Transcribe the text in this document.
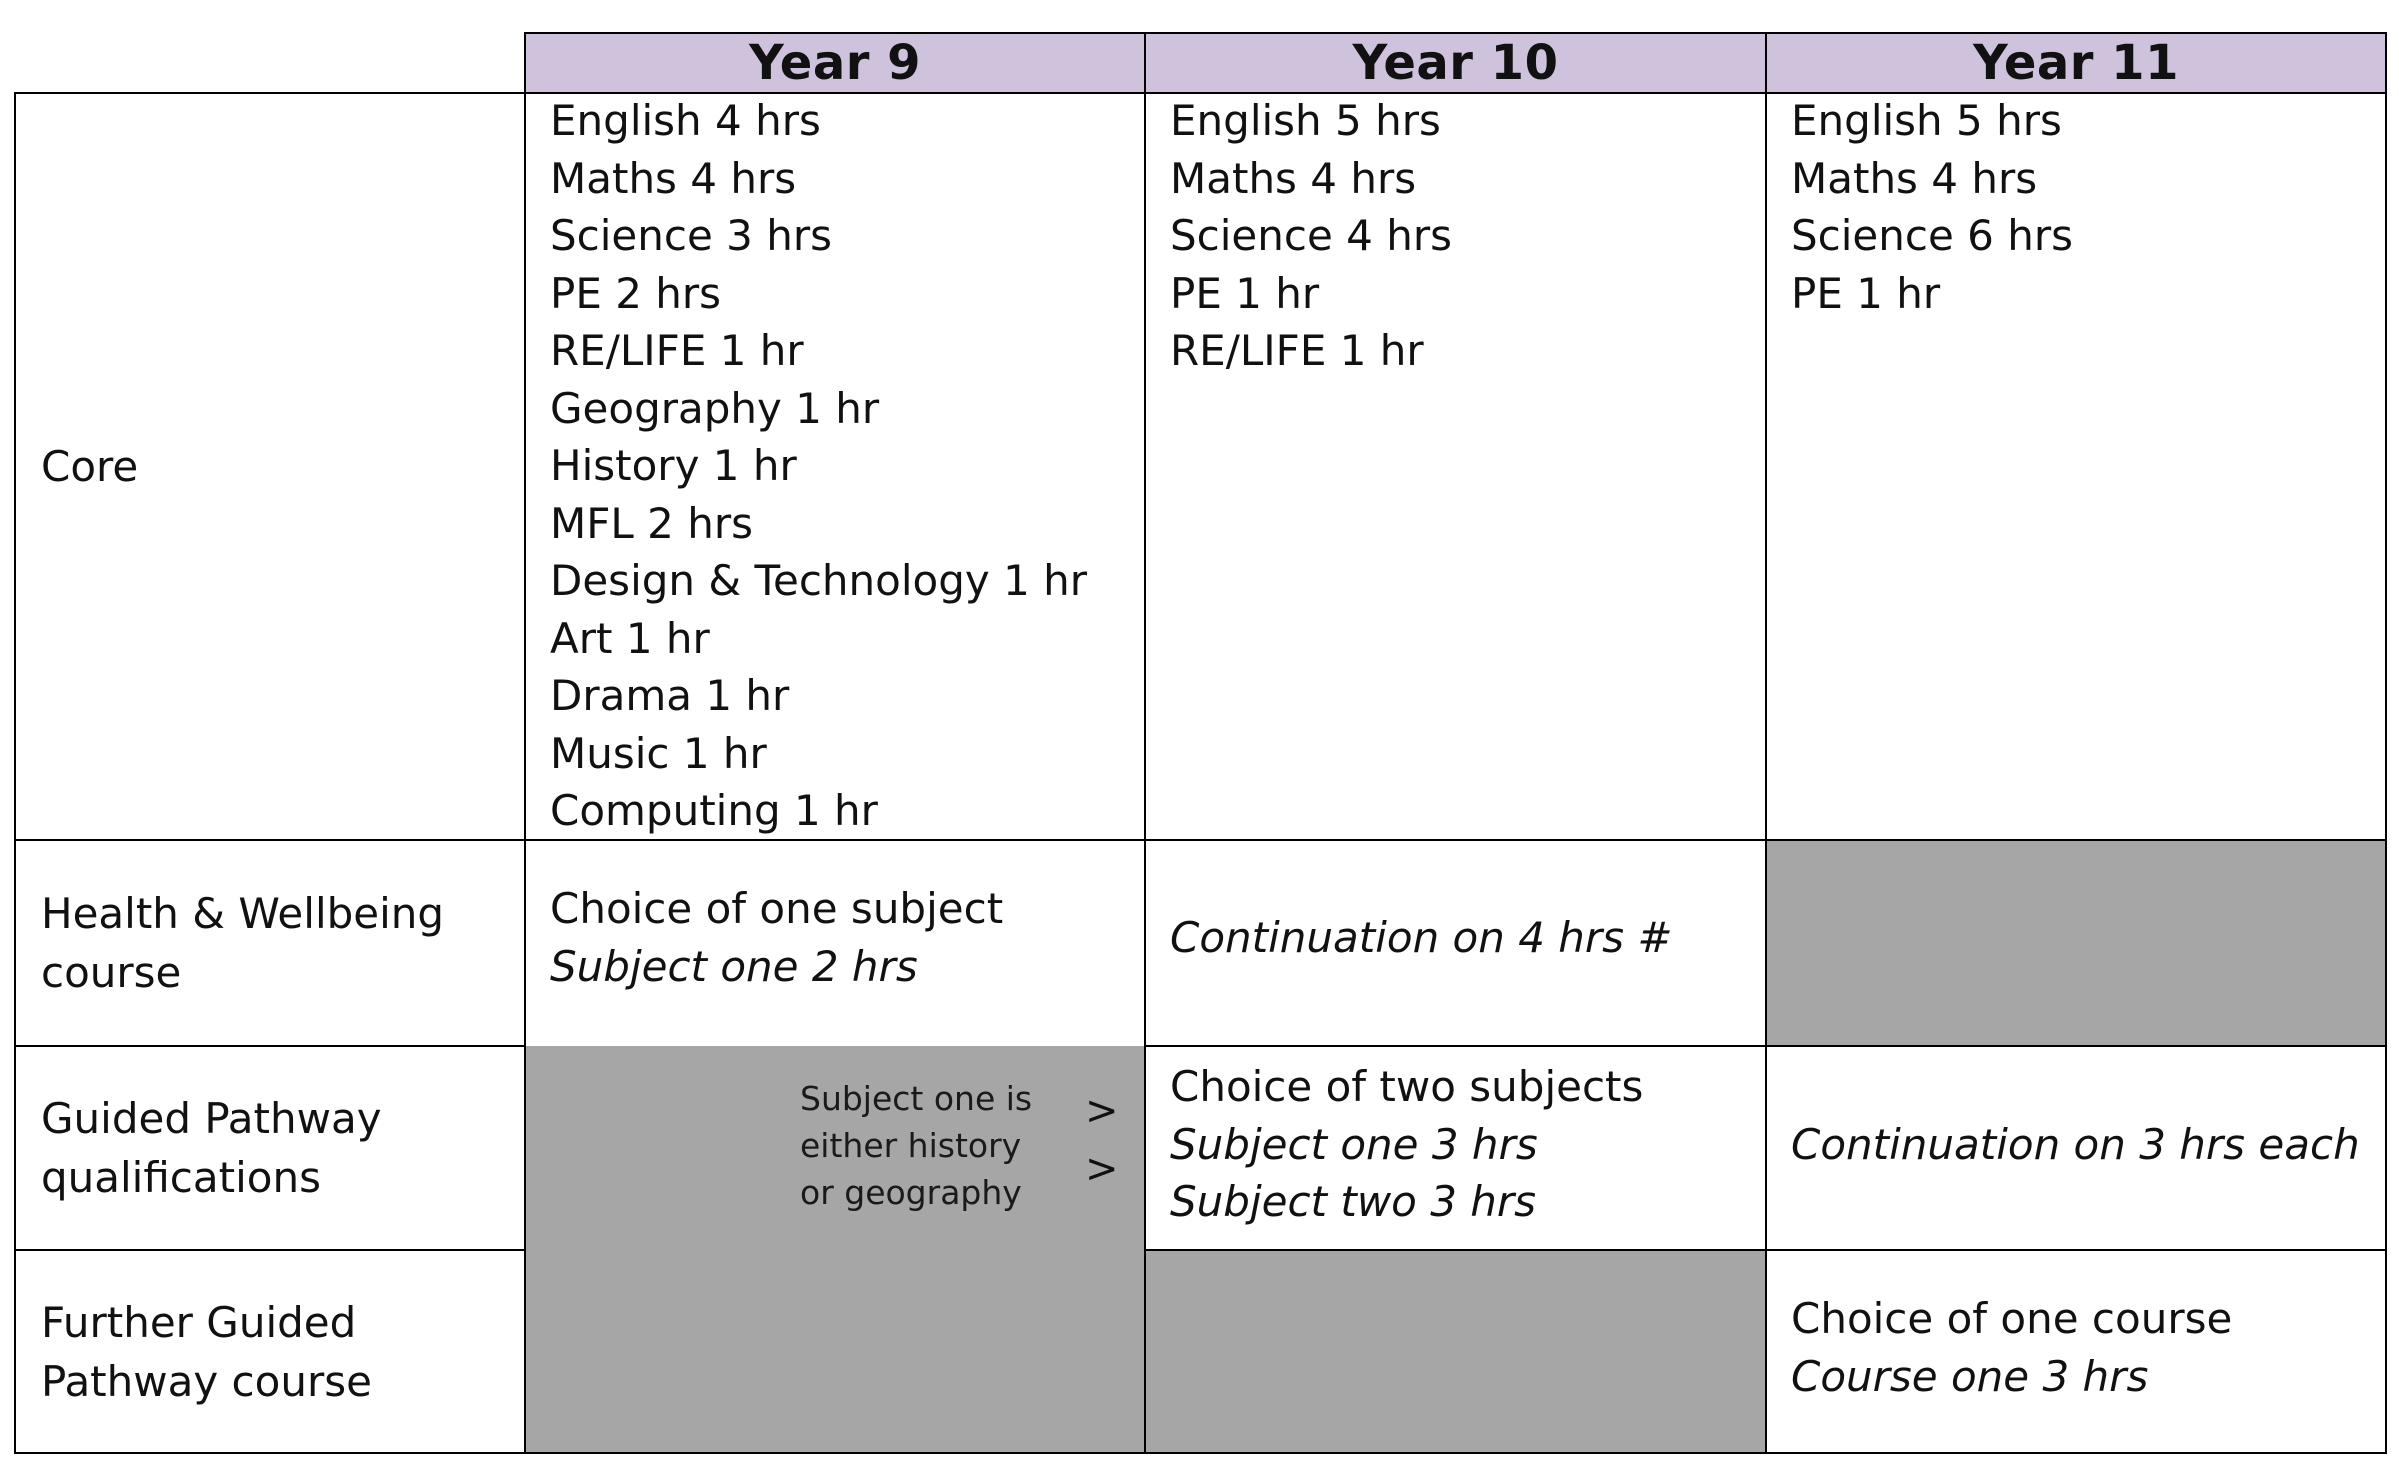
Year 9	Year 10	Year 11
Core
Health & Wellbeing
course
Guided Pathway
qualifications
Further Guided
Pathway course
English 4 hrs
Maths 4 hrs
Science 3 hrs
PE 2 hrs
RE/LIFE 1 hr
Geography 1 hr
History 1 hr
MFL 2 hrs
Design & Technology 1 hr
Art 1 hr
Drama 1 hr
Music 1 hr
Computing 1 hr
English 5 hrs
Maths 4 hrs
Science 4 hrs
PE 1 hr
RE/LIFE 1 hr
English 5 hrs
Maths 4 hrs
Science 6 hrs
PE 1 hr
Choice of one subject
Subject one 2 hrs
Continuation on 4 hrs #
Subject one is
either history
or geography
>
>
Choice of two subjects
Subject one 3 hrs
Subject two 3 hrs
Continuation on 3 hrs each
Choice of one course
Course one 3 hrs
